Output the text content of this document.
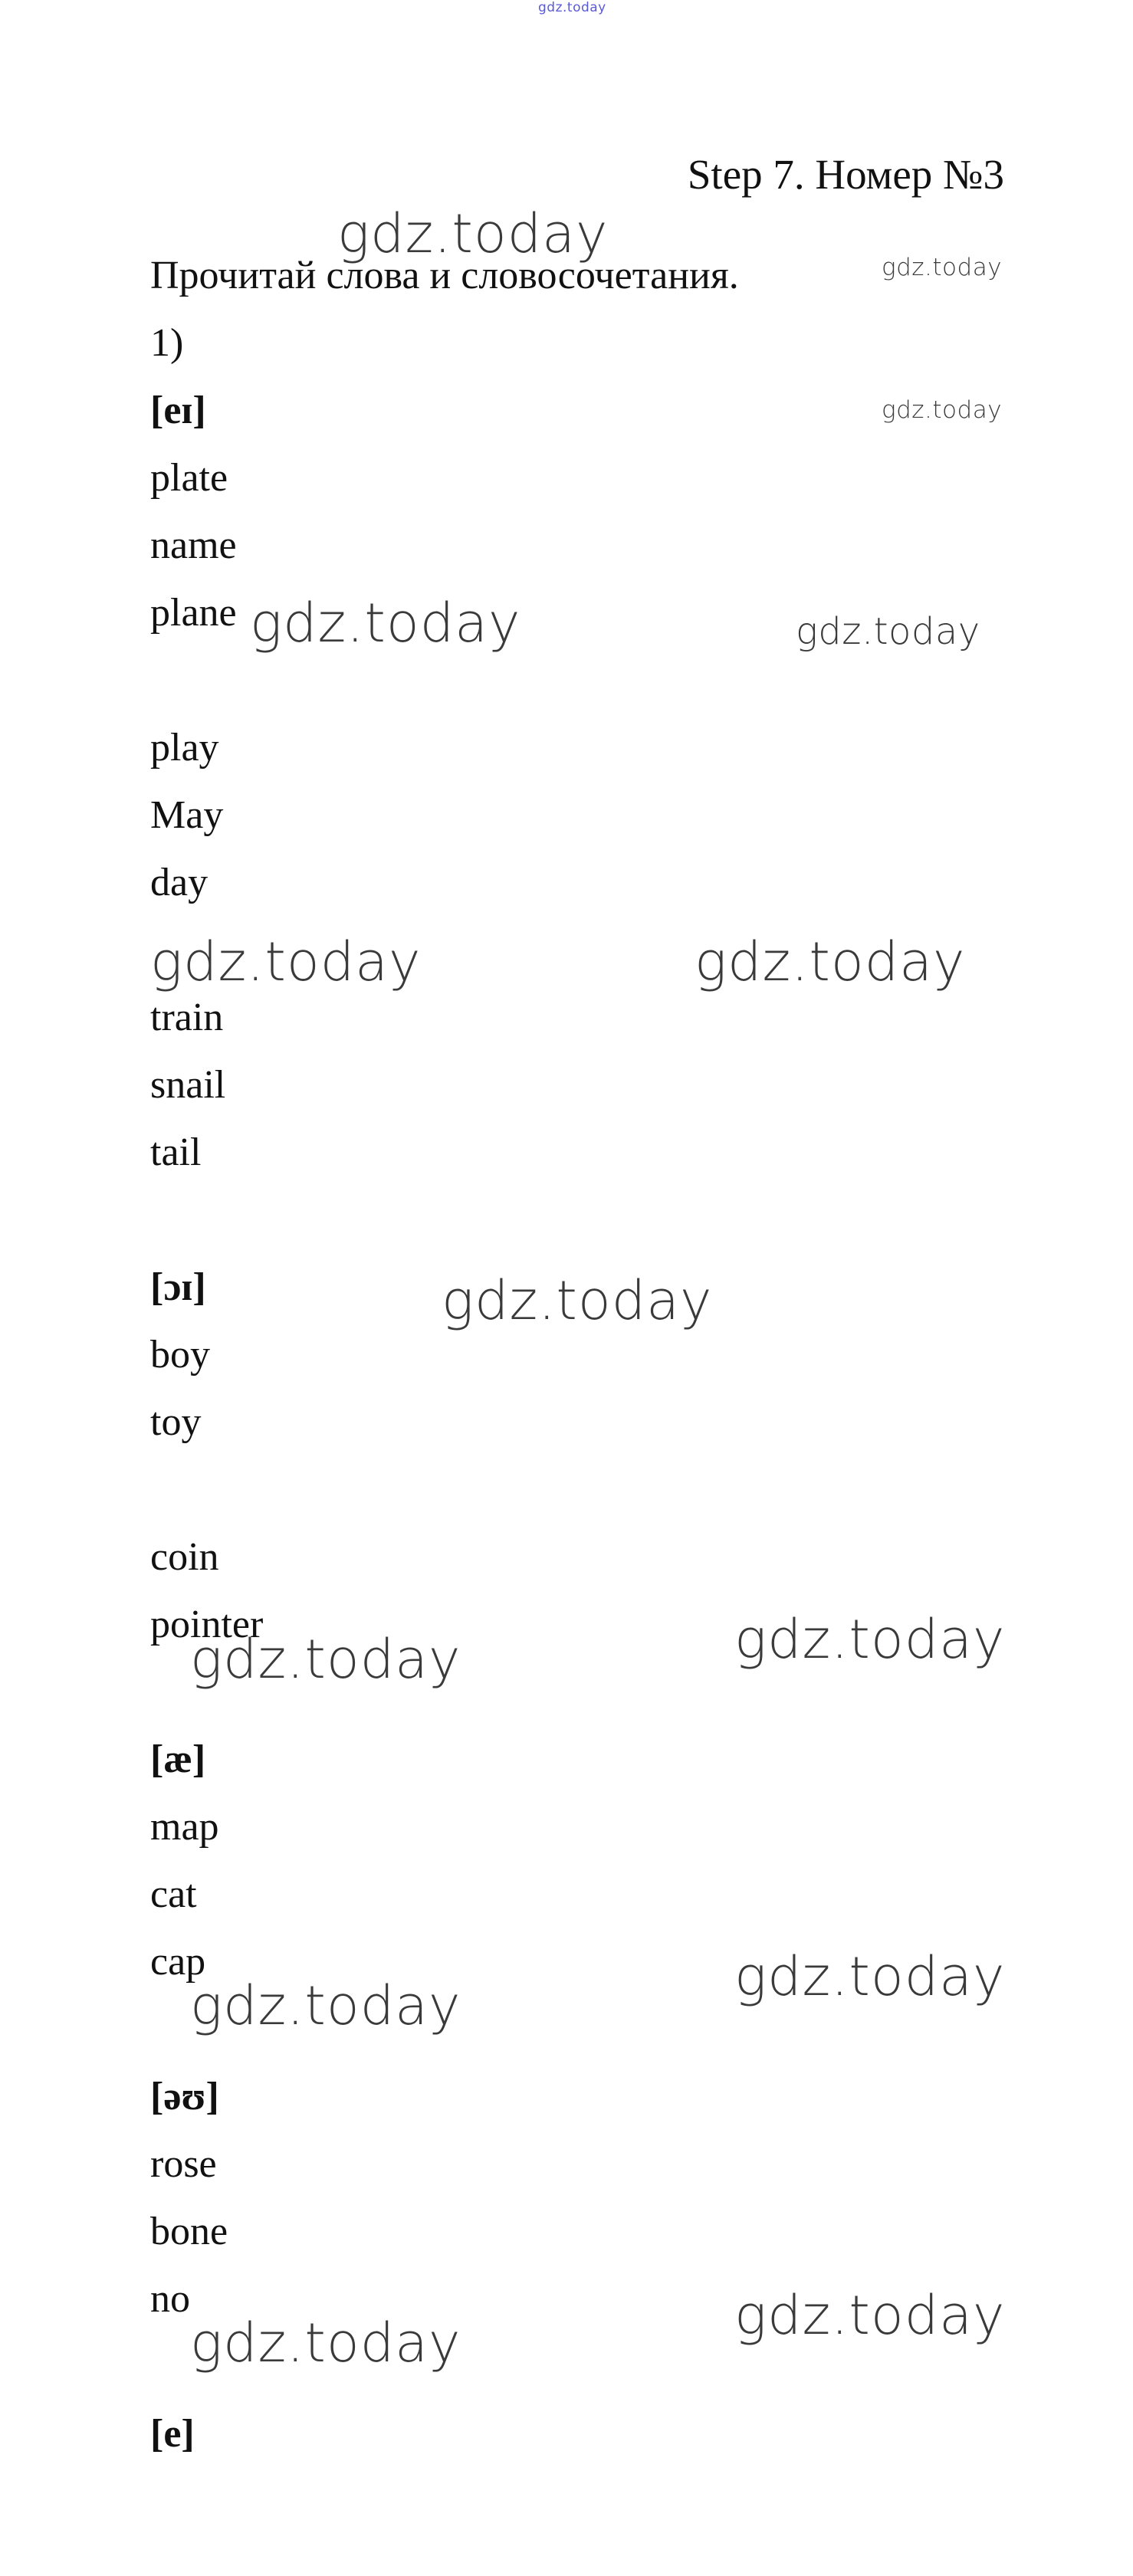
gdz.today
Step 7. Номер №3
Прочитай слова и словосочетания.
1)
[eɪ]
plate
name
plane
play
May
day
train
snail
tail
[ɔɪ]
boy
toy
coin
pointer
[æ]
map
cat
cap
[əʊ]
rose
bone
no
[e]
gdz.today
gdz.today
gdz.today
gdz.today	gdz.today
gdz.today	gdz.today
gdz.today
gdz.today
gdz.today
gdz.today
gdz.today
gdz.today
gdz.today
